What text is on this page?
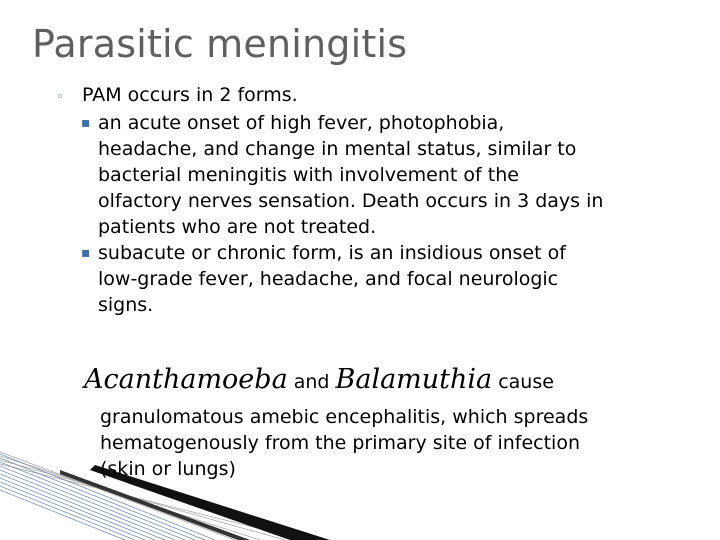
Parasitic meningitis
◦ PAM occurs in 2 forms.
▪ an acute onset of high fever, photophobia,
headache, and change in mental status, similar to
bacterial meningitis with involvement of the
olfactory nerves sensation. Death occurs in 3 days in
patients who are not treated.
▪ subacute or chronic form, is an insidious onset of
low-grade fever, headache, and focal neurologic
signs.
Acanthamoeba and Balamuthia cause
granulomatous amebic encephalitis, which spreads
hematogenously from the primary site of infection
(skin or lungs)
